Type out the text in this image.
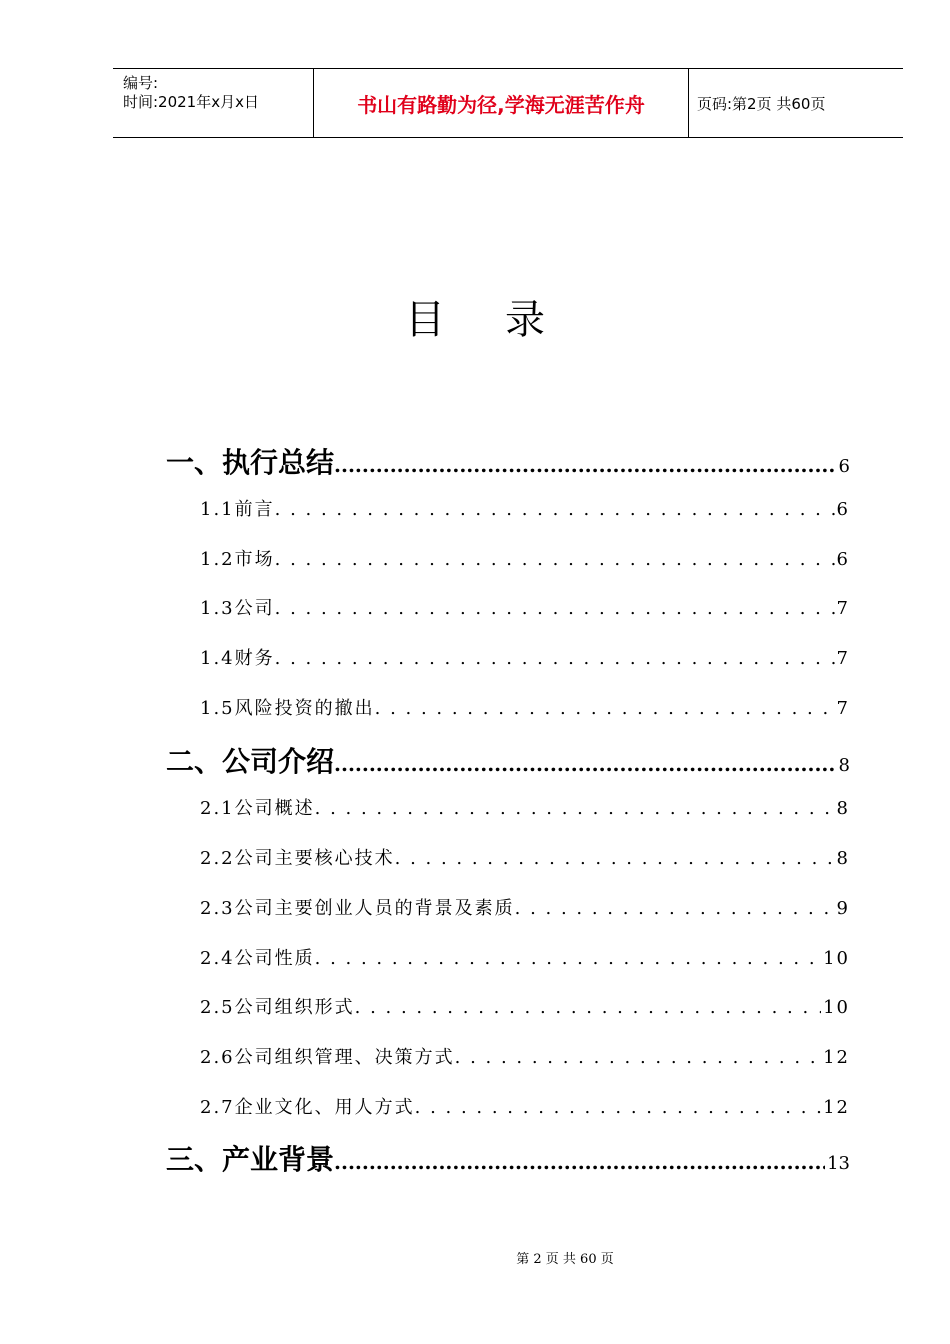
编号:
时间:2021年x月x日	书山有路勤为径,学海无涯苦作舟	页码:第2页 共60页
目录
一、执行总结 .....	6
1.1前言 . . .	6
1.2市场 . . .	6
1.3公司 . . .	7
1.4财务 . . .	7
1.5风险投资的撤出 . . .	7
二、公司介绍 .....	8
2.1公司概述 . . .	8
2.2公司主要核心技术 . . .	8
2.3公司主要创业人员的背景及素质 . . .	9
2.4公司性质 . . .	10
2.5公司组织形式 . . .	10
2.6公司组织管理、决策方式 . . .	12
2.7企业文化、用人方式 . . .	12
三、产业背景 .....	13
第 2 页 共 60 页
